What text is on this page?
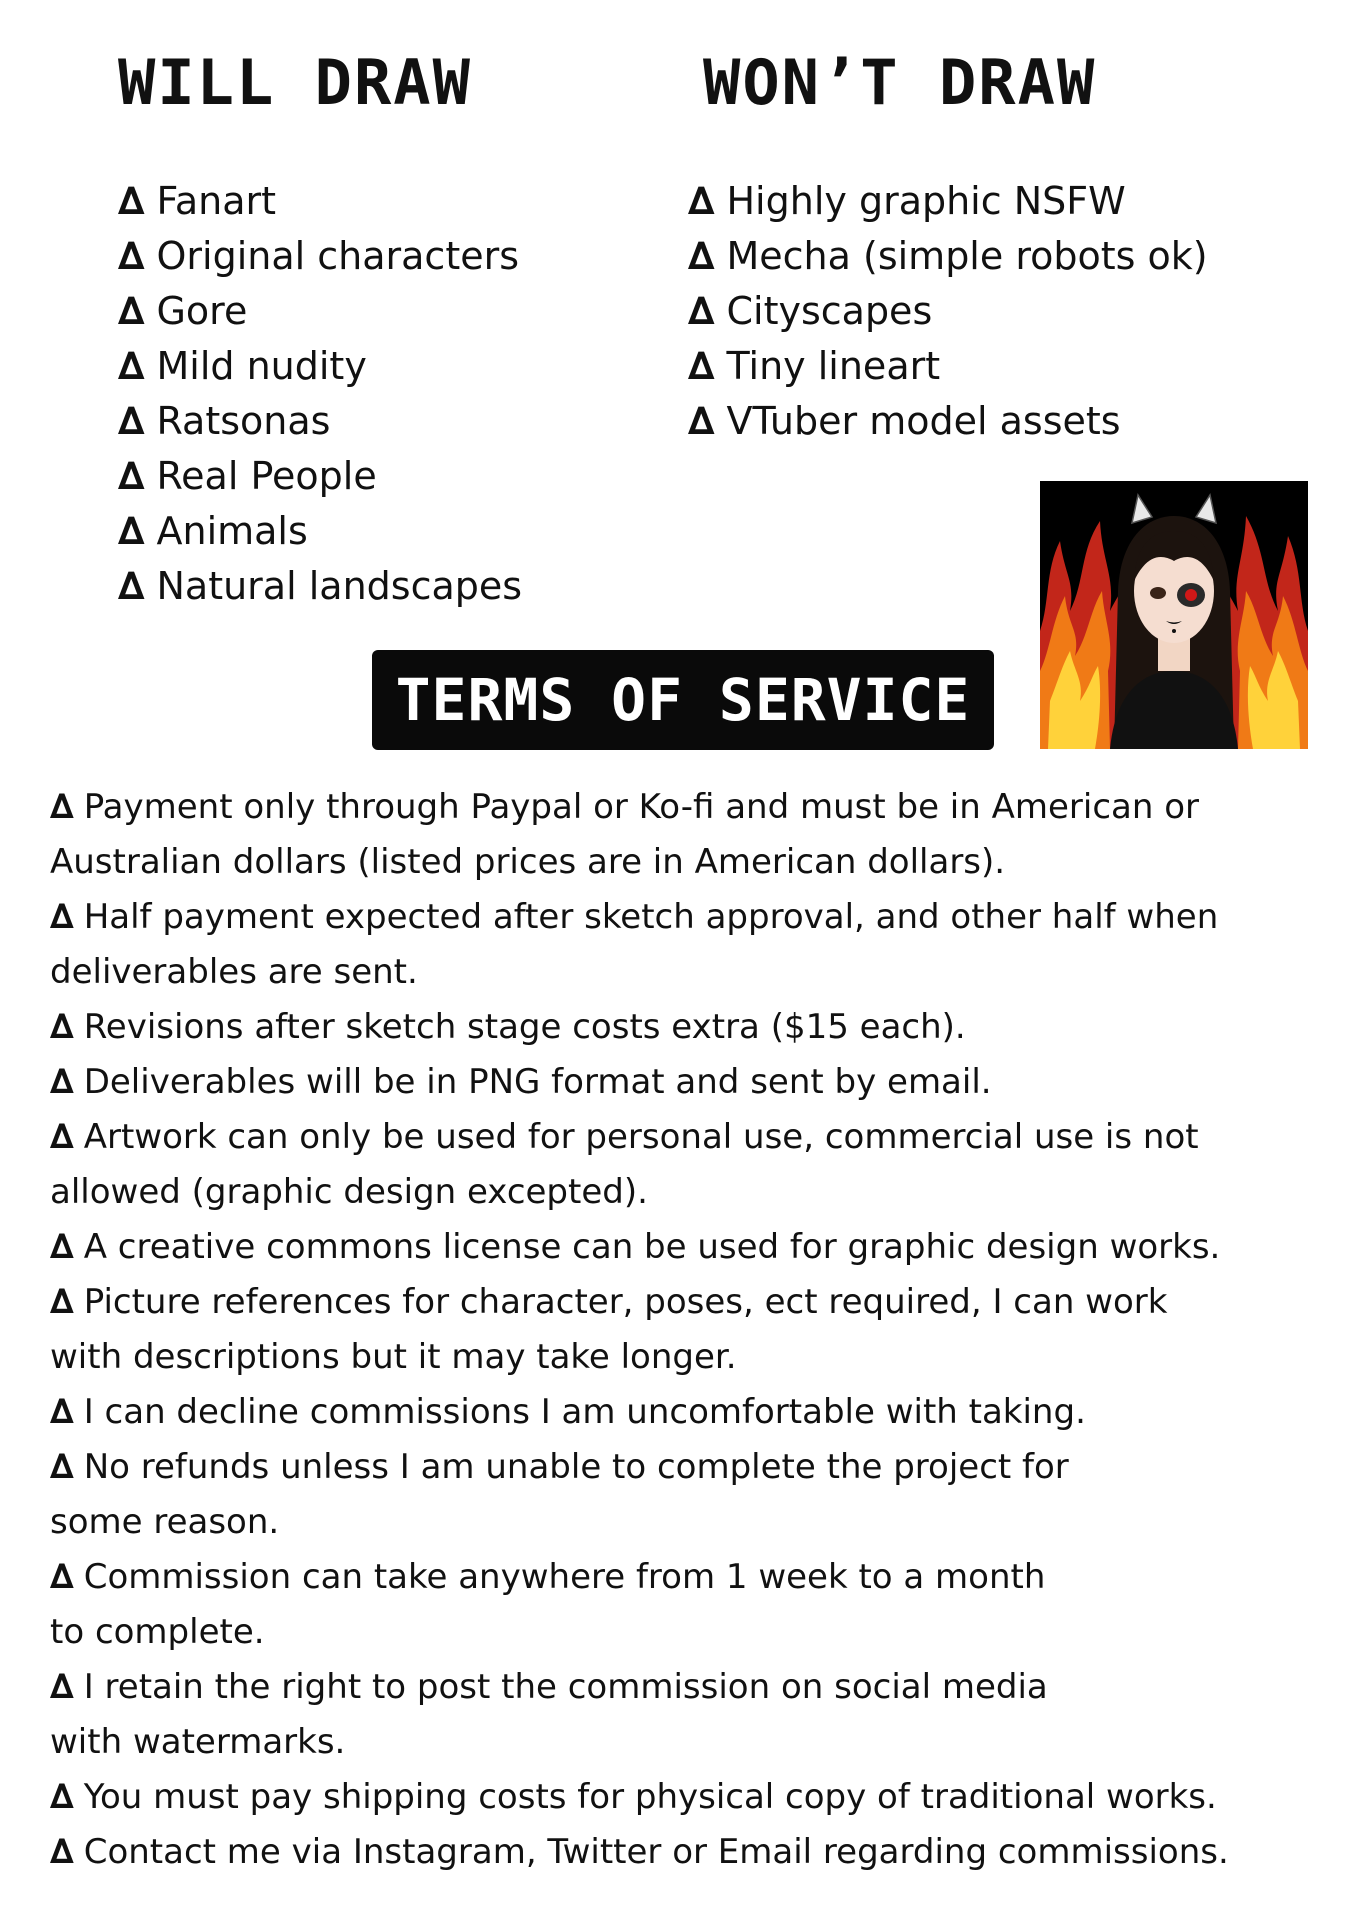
WILL DRAW	WON’T DRAW
∆ Fanart
∆ Original characters
∆ Gore
∆ Mild nudity
∆ Ratsonas
∆ Real People
∆ Animals
∆ Natural landscapes
∆ Highly graphic NSFW
∆ Mecha (simple robots ok)
∆ Cityscapes
∆ Tiny lineart
∆ VTuber model assets
TERMS OF SERVICE

∆ Payment only through Paypal or Ko-fi and must be in American or
Australian dollars (listed prices are in American dollars).

∆ Half payment expected after sketch approval, and other half when
deliverables are sent.

∆ Revisions after sketch stage costs extra ($15 each).

∆ Deliverables will be in PNG format and sent by email.

∆ Artwork can only be used for personal use, commercial use is not
allowed (graphic design excepted).

∆ A creative commons license can be used for graphic design works.

∆ Picture references for character, poses, ect required, I can work
with descriptions but it may take longer.

∆ I can decline commissions I am uncomfortable with taking.

∆ No refunds unless I am unable to complete the project for
some reason.

∆ Commission can take anywhere from 1 week to a month
to complete.

∆ I retain the right to post the commission on social media
with watermarks.

∆ You must pay shipping costs for physical copy of traditional works.

∆ Contact me via Instagram, Twitter or Email regarding commissions.
